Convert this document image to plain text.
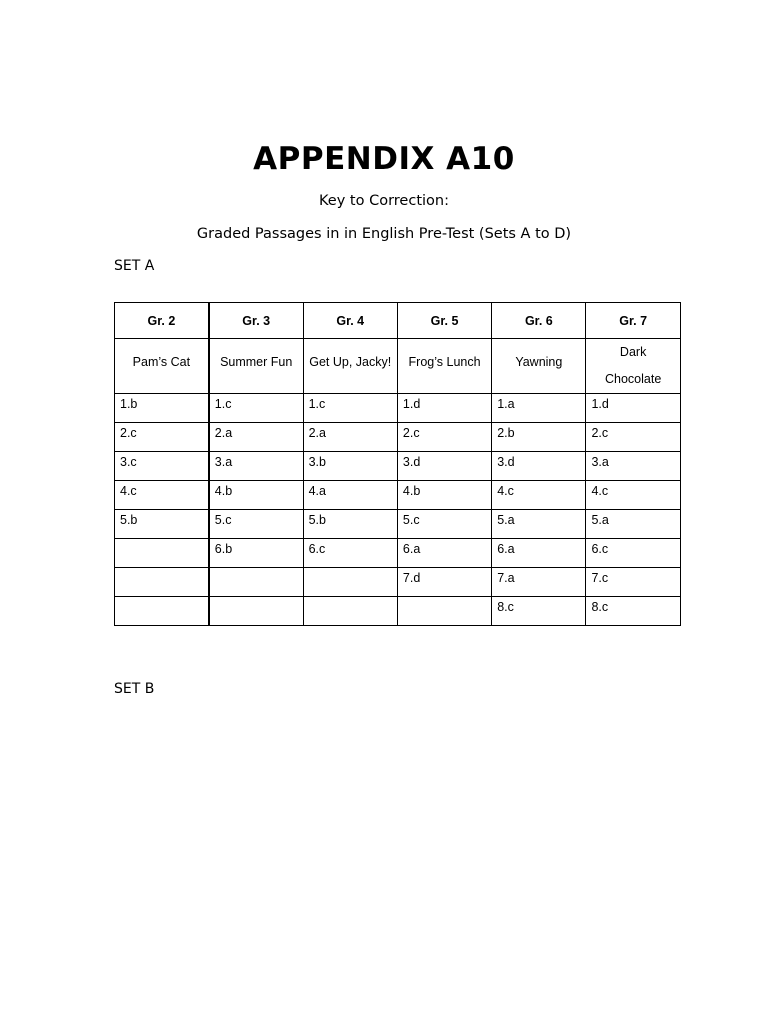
APPENDIX A10
Key to Correction:
Graded Passages in in English Pre-Test (Sets A to D)
SET A
Gr. 2	Gr. 3	Gr. 4	Gr. 5	Gr. 6	Gr. 7
Pam’s Cat	Summer Fun	Get Up, Jacky!	Frog’s Lunch	Yawning	Dark
Chocolate
1.b	1.c	1.c	1.d	1.a	1.d
2.c	2.a	2.a	2.c	2.b	2.c
3.c	3.a	3.b	3.d	3.d	3.a
4.c	4.b	4.a	4.b	4.c	4.c
5.b	5.c	5.b	5.c	5.a	5.a
	6.b	6.c	6.a	6.a	6.c
			7.d	7.a	7.c
				8.c	8.c
SET B
